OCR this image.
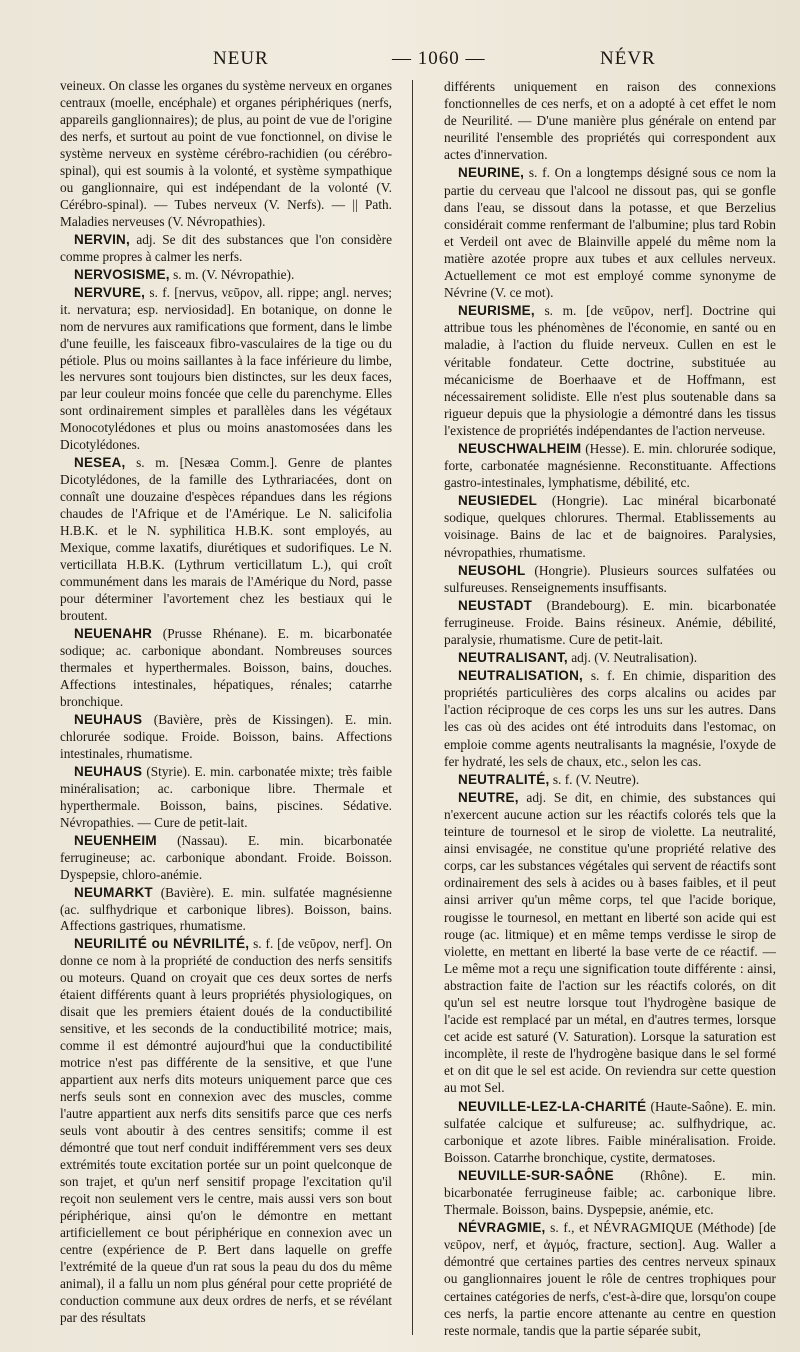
NEUR	— 1060 —	NÉVR

veineux. On classe les organes du système nerveux en organes centraux (moelle, encéphale) et organes périphériques (nerfs, appareils ganglionnaires); de plus, au point de vue de l'origine des nerfs, et surtout au point de vue fonctionnel, on divise le système nerveux en système cérébro-rachidien (ou cérébro-spinal), qui est soumis à la volonté, et système sympathique ou ganglionnaire, qui est indépendant de la volonté (V. Cérébro-spinal). — Tubes nerveux (V. Nerfs). — || Path. Maladies nerveuses (V. Névropathies).

NERVIN, adj. Se dit des substances que l'on considère comme propres à calmer les nerfs.

NERVOSISME, s. m. (V. Névropathie).

NERVURE, s. f. [nervus, νεῦρον, all. rippe; angl. nerves; it. nervatura; esp. nerviosidad]. En botanique, on donne le nom de nervures aux ramifications que forment, dans le limbe d'une feuille, les faisceaux fibro-vasculaires de la tige ou du pétiole. Plus ou moins saillantes à la face inférieure du limbe, les nervures sont toujours bien distinctes, sur les deux faces, par leur couleur moins foncée que celle du parenchyme. Elles sont ordinairement simples et parallèles dans les végétaux Monocotylédones et plus ou moins anastomosées dans les Dicotylédones.

NESEA, s. m. [Nesæa Comm.]. Genre de plantes Dicotylédones, de la famille des Lythrariacées, dont on connaît une douzaine d'espèces répandues dans les régions chaudes de l'Afrique et de l'Amérique. Le N. salicifolia H.B.K. et le N. syphilitica H.B.K. sont employés, au Mexique, comme laxatifs, diurétiques et sudorifiques. Le N. verticillata H.B.K. (Lythrum verticillatum L.), qui croît communément dans les marais de l'Amérique du Nord, passe pour déterminer l'avortement chez les bestiaux qui le broutent.

NEUENAHR (Prusse Rhénane). E. m. bicarbonatée sodique; ac. carbonique abondant. Nombreuses sources thermales et hyperthermales. Boisson, bains, douches. Affections intestinales, hépatiques, rénales; catarrhe bronchique.

NEUHAUS (Bavière, près de Kissingen). E. min. chlorurée sodique. Froide. Boisson, bains. Affections intestinales, rhumatisme.

NEUHAUS (Styrie). E. min. carbonatée mixte; très faible minéralisation; ac. carbonique libre. Thermale et hyperthermale. Boisson, bains, piscines. Sédative. Névropathies. — Cure de petit-lait.

NEUENHEIM (Nassau). E. min. bicarbonatée ferrugineuse; ac. carbonique abondant. Froide. Boisson. Dyspepsie, chloro-anémie.

NEUMARKT (Bavière). E. min. sulfatée magnésienne (ac. sulfhydrique et carbonique libres). Boisson, bains. Affections gastriques, rhumatisme.

NEURILITÉ ou NÉVRILITÉ, s. f. [de νεῦρον, nerf]. On donne ce nom à la propriété de conduction des nerfs sensitifs ou moteurs. Quand on croyait que ces deux sortes de nerfs étaient différents quant à leurs propriétés physiologiques, on disait que les premiers étaient doués de la conductibilité sensitive, et les seconds de la conductibilité motrice; mais, comme il est démontré aujourd'hui que la conductibilité motrice n'est pas différente de la sensitive, et que l'une appartient aux nerfs dits moteurs uniquement parce que ces nerfs seuls sont en connexion avec des muscles, comme l'autre appartient aux nerfs dits sensitifs parce que ces nerfs seuls vont aboutir à des centres sensitifs; comme il est démontré que tout nerf conduit indifféremment vers ses deux extrémités toute excitation portée sur un point quelconque de son trajet, et qu'un nerf sensitif propage l'excitation qu'il reçoit non seulement vers le centre, mais aussi vers son bout périphérique, ainsi qu'on le démontre en mettant artificiellement ce bout périphérique en connexion avec un centre (expérience de P. Bert dans laquelle on greffe l'extrémité de la queue d'un rat sous la peau du dos du même animal), il a fallu un nom plus général pour cette propriété de conduction commune aux deux ordres de nerfs, et se révélant par des résultats

différents uniquement en raison des connexions fonctionnelles de ces nerfs, et on a adopté à cet effet le nom de Neurilité. — D'une manière plus générale on entend par neurilité l'ensemble des propriétés qui correspondent aux actes d'innervation.

NEURINE, s. f. On a longtemps désigné sous ce nom la partie du cerveau que l'alcool ne dissout pas, qui se gonfle dans l'eau, se dissout dans la potasse, et que Berzelius considérait comme renfermant de l'albumine; plus tard Robin et Verdeil ont avec de Blainville appelé du même nom la matière azotée propre aux tubes et aux cellules nerveux. Actuellement ce mot est employé comme synonyme de Névrine (V. ce mot).

NEURISME, s. m. [de νεῦρον, nerf]. Doctrine qui attribue tous les phénomènes de l'économie, en santé ou en maladie, à l'action du fluide nerveux. Cullen en est le véritable fondateur. Cette doctrine, substituée au mécanicisme de Boerhaave et de Hoffmann, est nécessairement solidiste. Elle n'est plus soutenable dans sa rigueur depuis que la physiologie a démontré dans les tissus l'existence de propriétés indépendantes de l'action nerveuse.

NEUSCHWALHEIM (Hesse). E. min. chlorurée sodique, forte, carbonatée magnésienne. Reconstituante. Affections gastro-intestinales, lymphatisme, débilité, etc.

NEUSIEDEL (Hongrie). Lac minéral bicarbonaté sodique, quelques chlorures. Thermal. Etablissements au voisinage. Bains de lac et de baignoires. Paralysies, névropathies, rhumatisme.

NEUSOHL (Hongrie). Plusieurs sources sulfatées ou sulfureuses. Renseignements insuffisants.

NEUSTADT (Brandebourg). E. min. bicarbonatée ferrugineuse. Froide. Bains résineux. Anémie, débilité, paralysie, rhumatisme. Cure de petit-lait.

NEUTRALISANT, adj. (V. Neutralisation).

NEUTRALISATION, s. f. En chimie, disparition des propriétés particulières des corps alcalins ou acides par l'action réciproque de ces corps les uns sur les autres. Dans les cas où des acides ont été introduits dans l'estomac, on emploie comme agents neutralisants la magnésie, l'oxyde de fer hydraté, les sels de chaux, etc., selon les cas.

NEUTRALITÉ, s. f. (V. Neutre).

NEUTRE, adj. Se dit, en chimie, des substances qui n'exercent aucune action sur les réactifs colorés tels que la teinture de tournesol et le sirop de violette. La neutralité, ainsi envisagée, ne constitue qu'une propriété relative des corps, car les substances végétales qui servent de réactifs sont ordinairement des sels à acides ou à bases faibles, et il peut ainsi arriver qu'un même corps, tel que l'acide borique, rougisse le tournesol, en mettant en liberté son acide qui est rouge (ac. litmique) et en même temps verdisse le sirop de violette, en mettant en liberté la base verte de ce réactif. — Le même mot a reçu une signification toute différente : ainsi, abstraction faite de l'action sur les réactifs colorés, on dit qu'un sel est neutre lorsque tout l'hydrogène basique de l'acide est remplacé par un métal, en d'autres termes, lorsque cet acide est saturé (V. Saturation). Lorsque la saturation est incomplète, il reste de l'hydrogène basique dans le sel formé et on dit que le sel est acide. On reviendra sur cette question au mot Sel.

NEUVILLE-LEZ-LA-CHARITÉ (Haute-Saône). E. min. sulfatée calcique et sulfureuse; ac. sulfhydrique, ac. carbonique et azote libres. Faible minéralisation. Froide. Boisson. Catarrhe bronchique, cystite, dermatoses.

NEUVILLE-SUR-SAÔNE (Rhône). E. min. bicarbonatée ferrugineuse faible; ac. carbonique libre. Thermale. Boisson, bains. Dyspepsie, anémie, etc.

NÉVRAGMIE, s. f., et NÉVRAGMIQUE (Méthode) [de νεῦρον, nerf, et ἀγμός, fracture, section]. Aug. Waller a démontré que certaines parties des centres nerveux spinaux ou ganglionnaires jouent le rôle de centres trophiques pour certaines catégories de nerfs, c'est-à-dire que, lorsqu'on coupe ces nerfs, la partie encore attenante au centre en question reste normale, tandis que la partie séparée subit,
